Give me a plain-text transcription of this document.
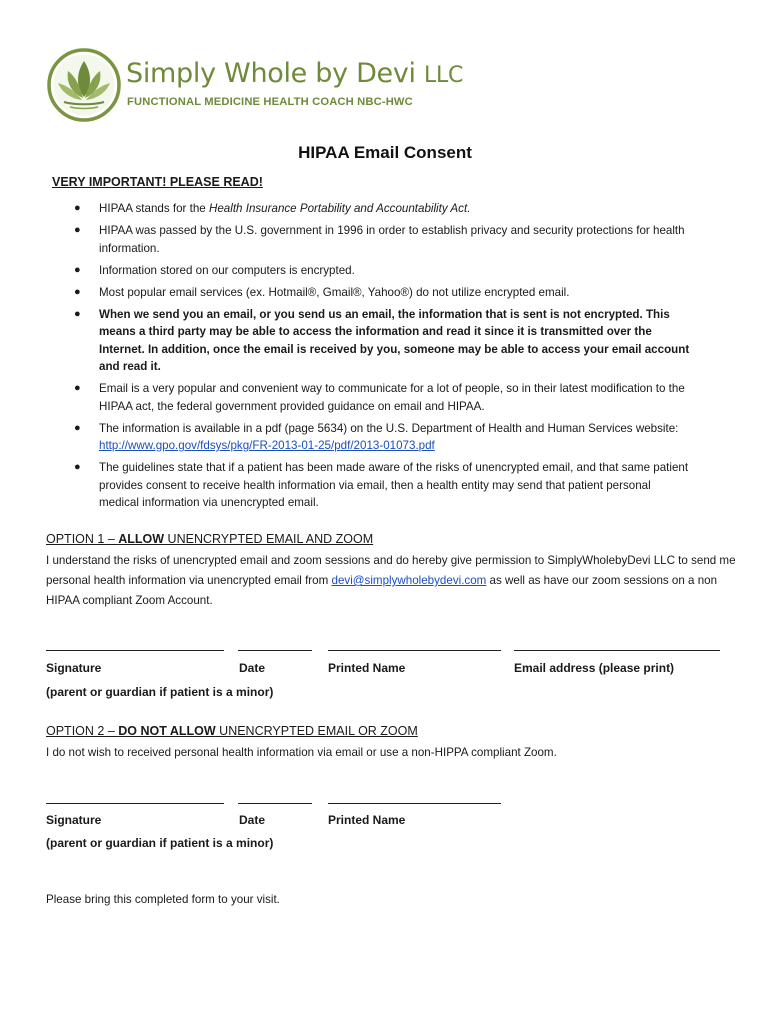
Simply Whole by Devi LLC
FUNCTIONAL MEDICINE HEALTH COACH NBC-HWC
HIPAA Email Consent
VERY IMPORTANT! PLEASE READ!
● HIPAA stands for the Health Insurance Portability and Accountability Act.
● HIPAA was passed by the U.S. government in 1996 in order to establish privacy and security protections for health information.
● Information stored on our computers is encrypted.
● Most popular email services (ex. Hotmail®, Gmail®, Yahoo®) do not utilize encrypted email.
● When we send you an email, or you send us an email, the information that is sent is not encrypted. This means a third party may be able to access the information and read it since it is transmitted over the Internet. In addition, once the email is received by you, someone may be able to access your email account and read it.
● Email is a very popular and convenient way to communicate for a lot of people, so in their latest modification to the HIPAA act, the federal government provided guidance on email and HIPAA.
● The information is available in a pdf (page 5634) on the U.S. Department of Health and Human Services website: http://www.gpo.gov/fdsys/pkg/FR-2013-01-25/pdf/2013-01073.pdf
● The guidelines state that if a patient has been made aware of the risks of unencrypted email, and that same patient provides consent to receive health information via email, then a health entity may send that patient personal medical information via unencrypted email.
OPTION 1 – ALLOW UNENCRYPTED EMAIL AND ZOOM
I understand the risks of unencrypted email and zoom sessions and do hereby give permission to SimplyWholebyDevi LLC to send me personal health information via unencrypted email from devi@simplywholebydevi.com as well as have our zoom sessions on a non HIPAA compliant Zoom Account.
Signature	Date	Printed Name	Email address (please print)
(parent or guardian if patient is a minor)
OPTION 2 – DO NOT ALLOW UNENCRYPTED EMAIL OR ZOOM
I do not wish to received personal health information via email or use a non-HIPPA compliant Zoom.
Signature	Date	Printed Name
(parent or guardian if patient is a minor)
Please bring this completed form to your visit.
